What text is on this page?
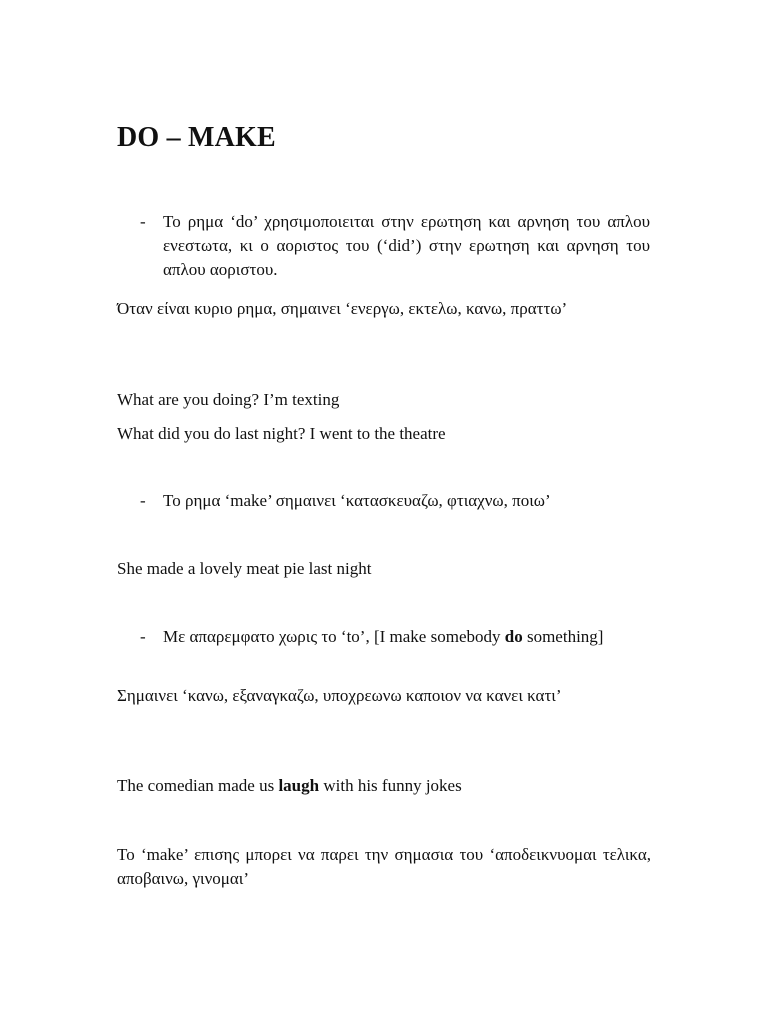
DO – MAKE
- Το ρημα ‘do’ χρησιμοποιειται στην ερωτηση και αρνηση του απλου ενεστωτα, κι ο αοριστος του (‘did’) στην ερωτηση και αρνηση του απλου αοριστου.

Όταν είναι κυριο ρημα, σημαινει ‘ενεργω, εκτελω, κανω, πραττω’

What are you doing? I’m texting

What did you do last night? I went to the theatre

- Το ρημα ‘make’ σημαινει ‘κατασκευαζω, φτιαχνω, ποιω’

She made a lovely meat pie last night

- Με απαρεμφατο χωρις το ‘to’, [I make somebody do something]

Σημαινει ‘κανω, εξαναγκαζω, υποχρεωνω καποιον να κανει κατι’

The comedian made us laugh with his funny jokes

Το ‘make’ επισης μπορει να παρει την σημασια του ‘αποδεικνυομαι τελικα, αποβαινω, γινομαι’
